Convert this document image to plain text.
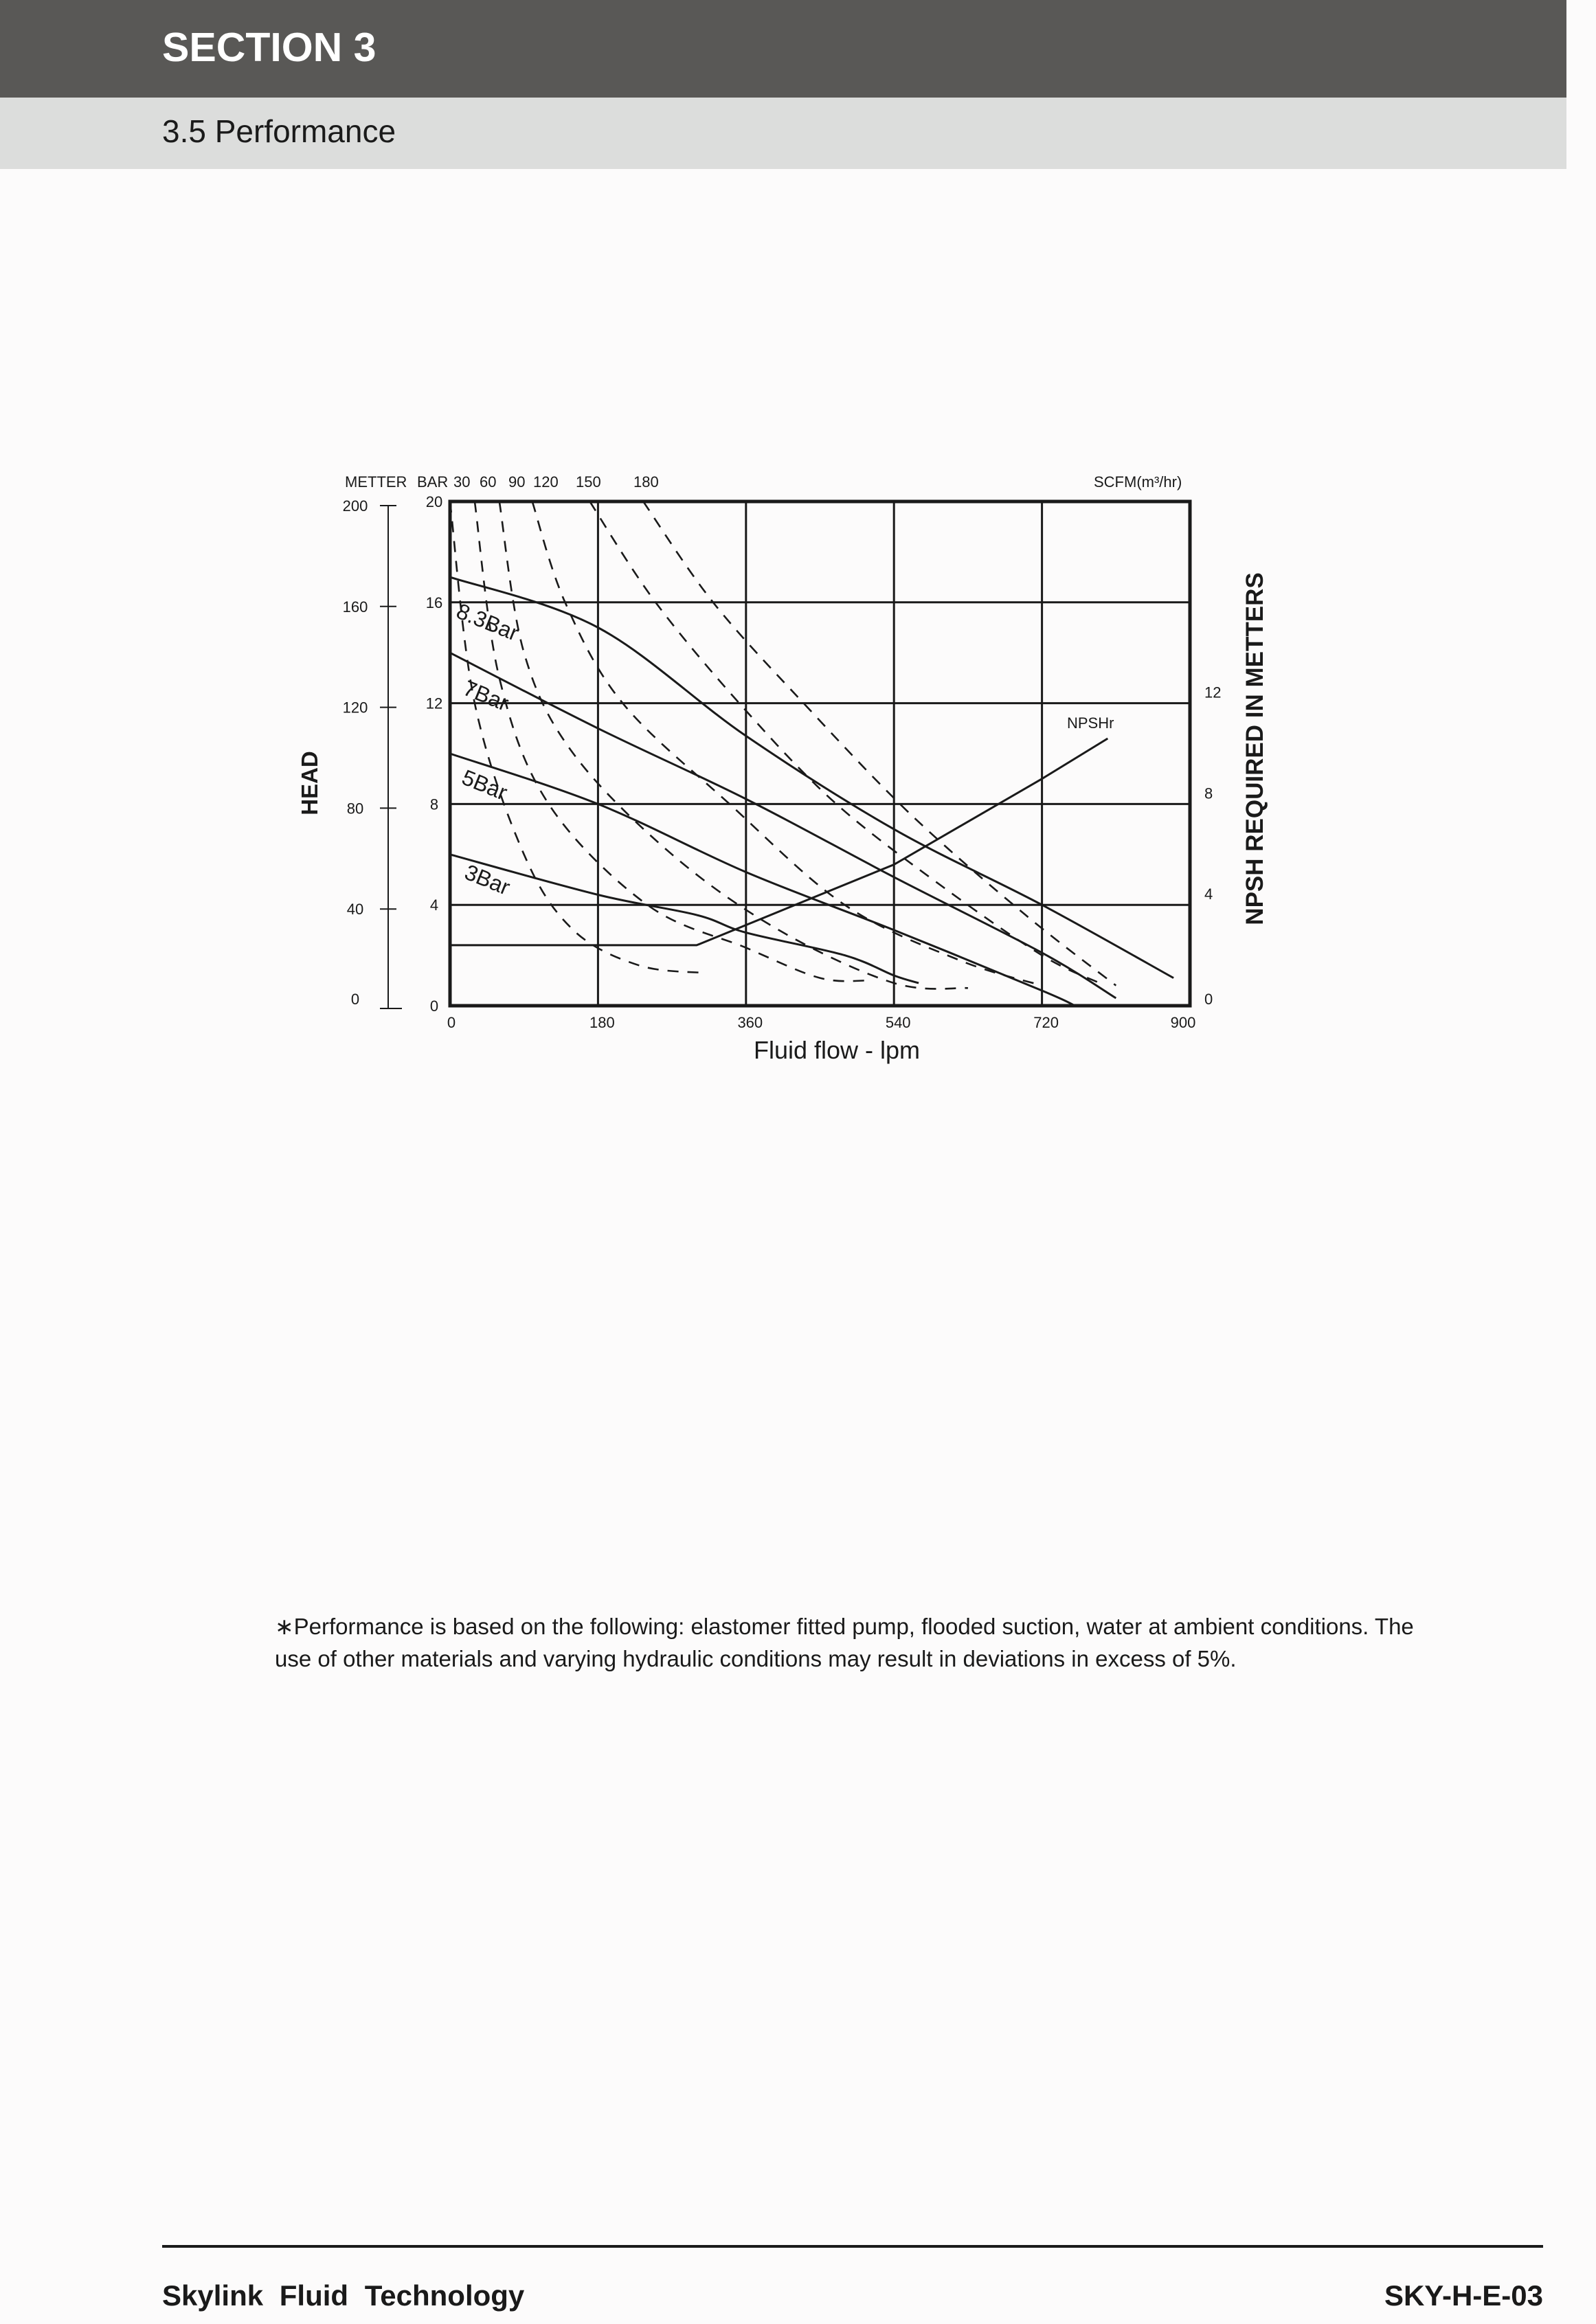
SECTION 3
3.5 Performance
0	180	360	540	720	900
0
4
8
12
16
20
0
40
80
120
160
200
0
4
8
12
30 60 90 120 150 180
8.3Bar
7Bar
5Bar
3Bar
NPSHr
METTER BAR	SCFM(m³/hr)
Fluid flow - lpm
HEAD	NPSH REQUIRED IN METTERS
∗Performance is based on the following: elastomer fitted pump, flooded suction, water at ambient conditions. The
use of other materials and varying hydraulic conditions may result in deviations in excess of 5%.
Skylink Fluid Technology	SKY-H-E-03
